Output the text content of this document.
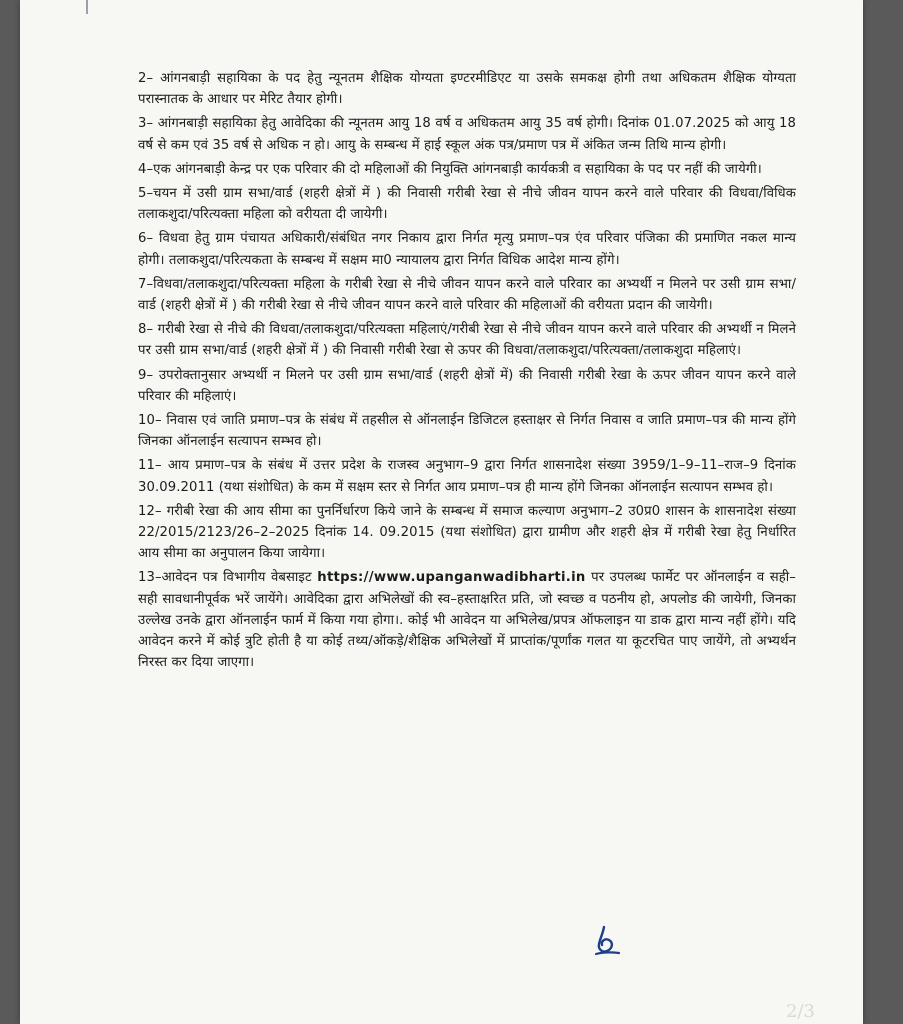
2– आंगनबाड़ी सहायिका के पद हेतु न्यूनतम शैक्षिक योग्यता इण्टरमीडिएट या उसके समकक्ष होगी तथा अधिकतम शैक्षिक योग्यता परास्नातक के आधार पर मेरिट तैयार होगी।

3– आंगनबाड़ी सहायिका हेतु आवेदिका की न्यूनतम आयु 18 वर्ष व अधिकतम आयु 35 वर्ष होगी। दिनांक 01.07.2025 को आयु 18 वर्ष से कम एवं 35 वर्ष से अधिक न हो। आयु के सम्बन्ध में हाई स्कूल अंक पत्र/प्रमाण पत्र में अंकित जन्म तिथि मान्य होगी।

4–एक आंगनबाड़ी केन्द्र पर एक परिवार की दो महिलाओं की नियुक्ति आंगनबाड़ी कार्यकत्री व सहायिका के पद पर नहीं की जायेगी।

5–चयन में उसी ग्राम सभा/वार्ड (शहरी क्षेत्रों में ) की निवासी गरीबी रेखा से नीचे जीवन यापन करने वाले परिवार की विधवा/विधिक तलाकशुदा/परित्यक्ता महिला को वरीयता दी जायेगी।

6– विधवा हेतु ग्राम पंचायत अधिकारी/संबंधित नगर निकाय द्वारा निर्गत मृत्यु प्रमाण–पत्र एंव परिवार पंजिका की प्रमाणित नकल मान्य होगी। तलाकशुदा/परित्यकता के सम्बन्ध में सक्षम मा0 न्यायालय द्वारा निर्गत विधिक आदेश मान्य होंगे।

7–विधवा/तलाकशुदा/परित्यक्ता महिला के गरीबी रेखा से नीचे जीवन यापन करने वाले परिवार का अभ्यर्थी न मिलने पर उसी ग्राम सभा/वार्ड (शहरी क्षेत्रों में ) की गरीबी रेखा से नीचे जीवन यापन करने वाले परिवार की महिलाओं की वरीयता प्रदान की जायेगी।

8– गरीबी रेखा से नीचे की विधवा/तलाकशुदा/परित्यक्ता महिलाएं/गरीबी रेखा से नीचे जीवन यापन करने वाले परिवार की अभ्यर्थी न मिलने पर उसी ग्राम सभा/वार्ड (शहरी क्षेत्रों में ) की निवासी गरीबी रेखा से ऊपर की विधवा/तलाकशुदा/परित्यक्ता/तलाकशुदा महिलाएं।

9– उपरोक्तानुसार अभ्यर्थी न मिलने पर उसी ग्राम सभा/वार्ड (शहरी क्षेत्रों में) की निवासी गरीबी रेखा के ऊपर जीवन यापन करने वाले परिवार की महिलाएं।

10– निवास एवं जाति प्रमाण–पत्र के संबंध में तहसील से ऑनलाईन डिजिटल हस्ताक्षर से निर्गत निवास व जाति प्रमाण–पत्र की मान्य होंगे जिनका ऑनलाईन सत्यापन सम्भव हो।

11– आय प्रमाण–पत्र के संबंध में उत्तर प्रदेश के राजस्व अनुभाग–9 द्वारा निर्गत शासनादेश संख्या 3959/1–9–11–राज–9 दिनांक 30.09.2011 (यथा संशोधित) के कम में सक्षम स्तर से निर्गत आय प्रमाण–पत्र ही मान्य होंगे जिनका ऑनलाईन सत्यापन सम्भव हो।

12– गरीबी रेखा की आय सीमा का पुनर्निर्धारण किये जाने के सम्बन्ध में समाज कल्याण अनुभाग–2 उ0प्र0 शासन के शासनादेश संख्या 22/2015/2123/26–2–2025 दिनांक 14. 09.2015 (यथा संशोधित) द्वारा ग्रामीण और शहरी क्षेत्र में गरीबी रेखा हेतु निर्धारित आय सीमा का अनुपालन किया जायेगा।

13–आवेदन पत्र विभागीय वेबसाइट https://www.upanganwadibharti.in पर उपलब्ध फार्मेट पर ऑनलाईन व सही–सही सावधानीपूर्वक भरें जायेंगे। आवेदिका द्वारा अभिलेखों की स्व–हस्ताक्षरित प्रति, जो स्वच्छ व पठनीय हो, अपलोड की जायेगी, जिनका उल्लेख उनके द्वारा ऑनलाईन फार्म में किया गया होगा।. कोई भी आवेदन या अभिलेख/प्रपत्र ऑफलाइन या डाक द्वारा मान्य नहीं होंगे। यदि आवेदन करने में कोई त्रुटि होती है या कोई तथ्य/ऑकड़े/शैक्षिक अभिलेखों में प्राप्तांक/पूर्णांक गलत या कूटरचित पाए जायेंगे, तो अभ्यर्थन निरस्त कर दिया जाएगा।

2/3
